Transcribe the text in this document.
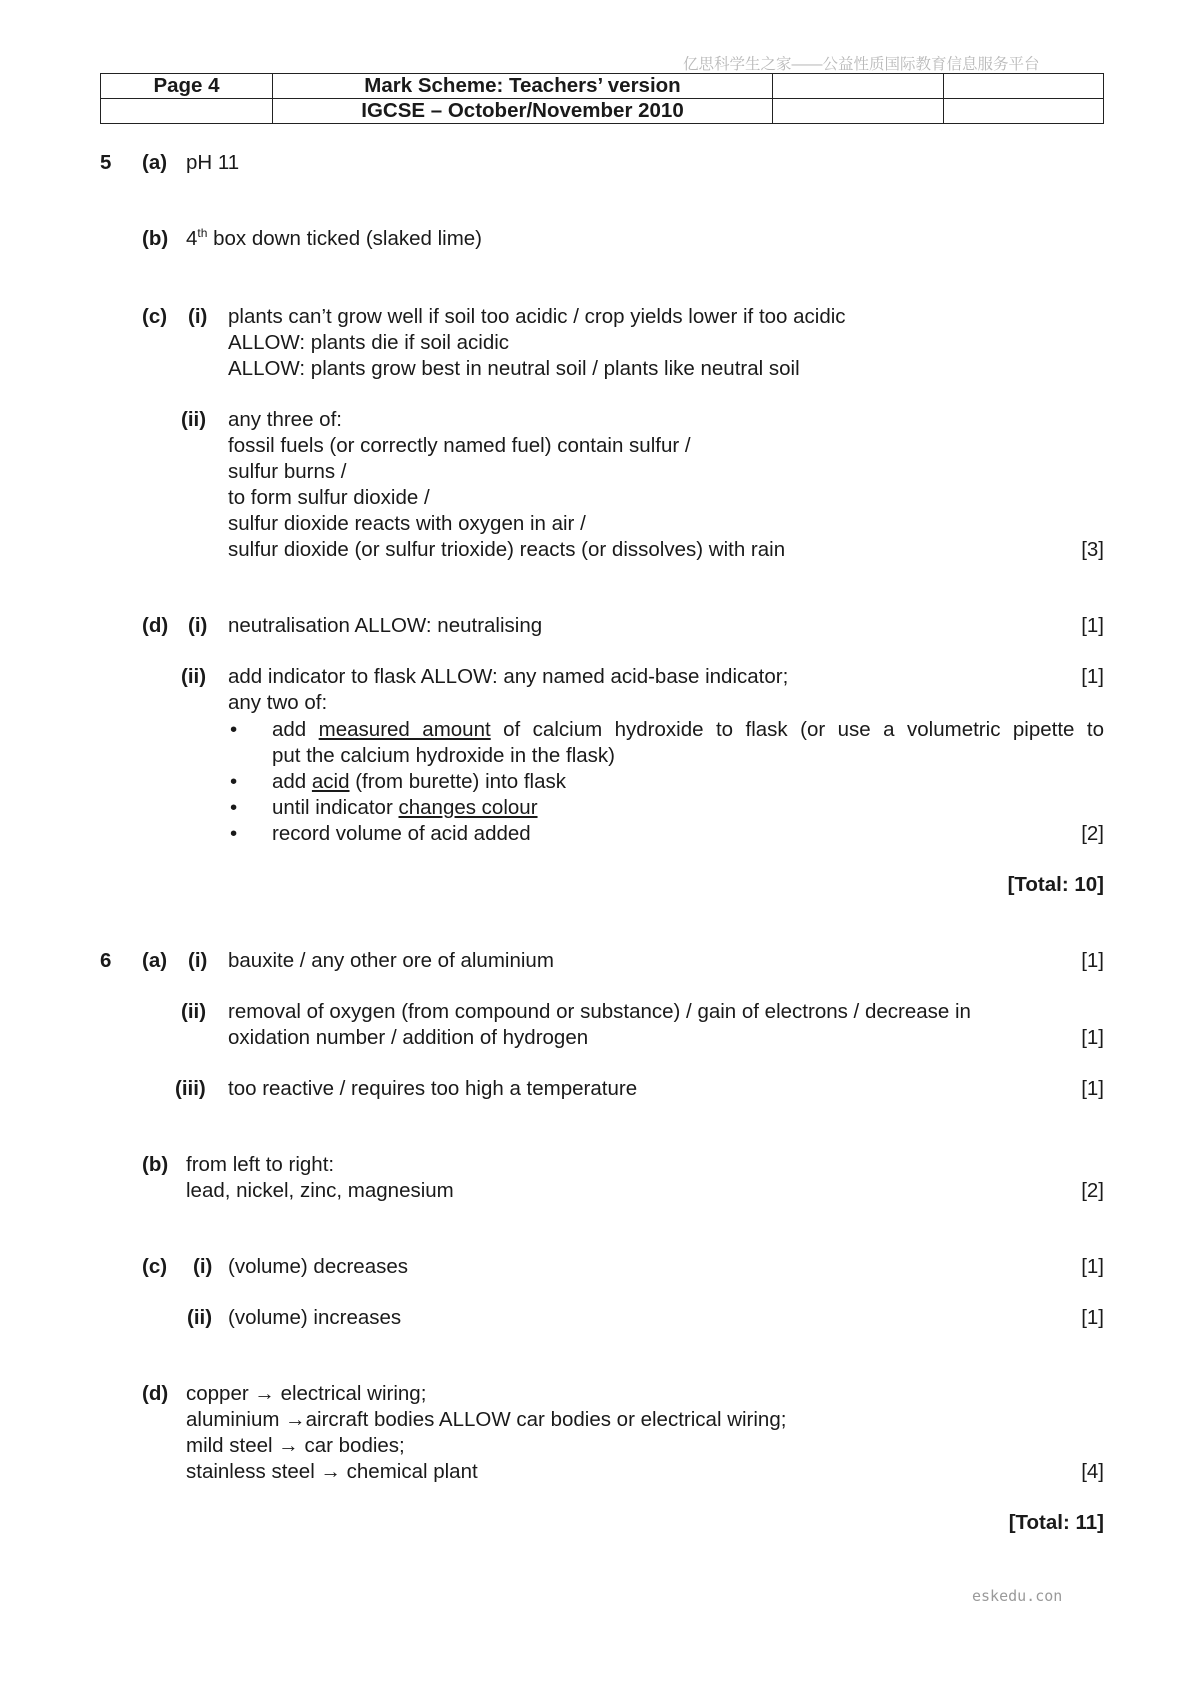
亿思科学生之家——公益性质国际教育信息服务平台
Page 4	Mark Scheme: Teachers’ version		
	IGCSE – October/November 2010		
5 (a) pH 11
(b) 4th box down ticked (slaked lime)
(c) (i) plants can’t grow well if soil too acidic / crop yields lower if too acidic
ALLOW: plants die if soil acidic
ALLOW: plants grow best in neutral soil / plants like neutral soil
(ii) any three of:
fossil fuels (or correctly named fuel) contain sulfur /
sulfur burns /
to form sulfur dioxide /
sulfur dioxide reacts with oxygen in air /
sulfur dioxide (or sulfur trioxide) reacts (or dissolves) with rain	[3]
(d) (i) neutralisation ALLOW: neutralising	[1]
(ii) add indicator to flask ALLOW: any named acid-base indicator;	[1]
any two of:
• add measured amount of calcium hydroxide to flask (or use a volumetric pipette to
put the calcium hydroxide in the flask)
• add acid (from burette) into flask
• until indicator changes colour
• record volume of acid added	[2]
[Total: 10]
6 (a) (i) bauxite / any other ore of aluminium	[1]
(ii) removal of oxygen (from compound or substance) / gain of electrons / decrease in
oxidation number / addition of hydrogen	[1]
(iii) too reactive / requires too high a temperature	[1]
(b) from left to right:
lead, nickel, zinc, magnesium	[2]
(c) (i) (volume) decreases	[1]
(ii) (volume) increases	[1]
(d) copper → electrical wiring;
aluminium →aircraft bodies ALLOW car bodies or electrical wiring;
mild steel → car bodies;
stainless steel → chemical plant	[4]
[Total: 11]
eskedu.con
